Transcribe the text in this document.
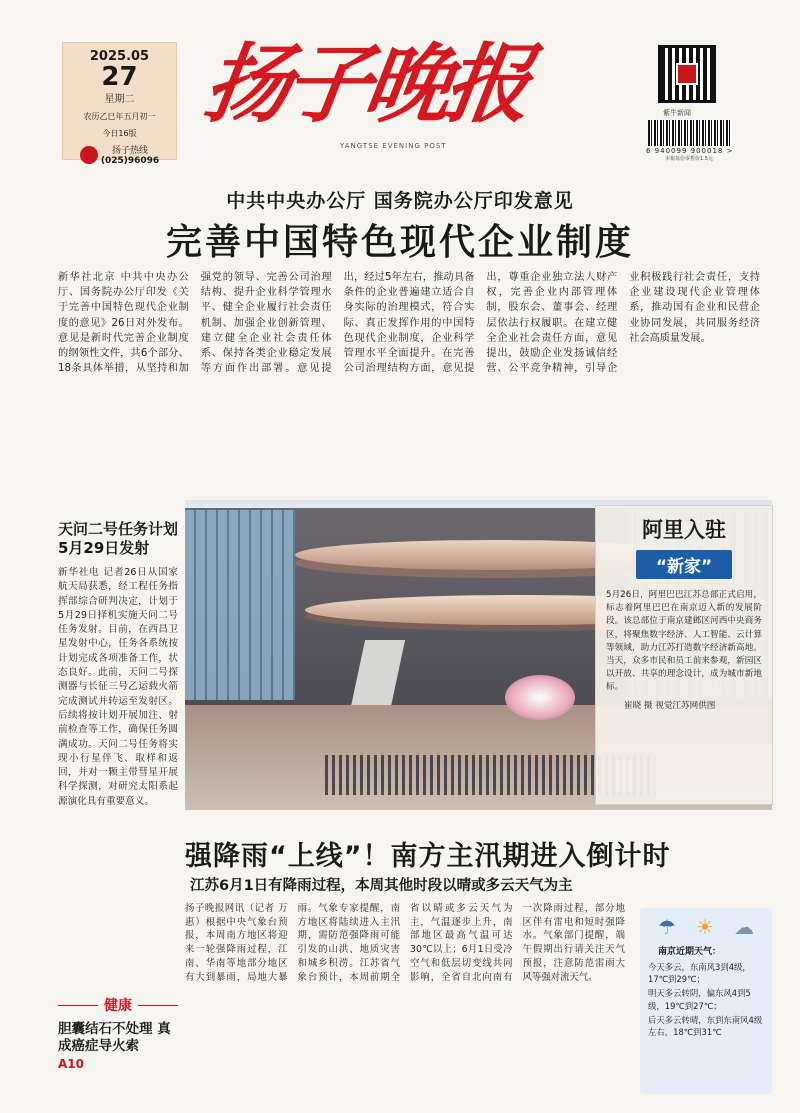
2025.05
27
星期二
农历乙巳年五月初一
今日16版
扬子热线
(025)96096
扬子晚报
YANGTSE EVENING POST
紫牛新闻
6 940099 900018 >
本報每份零售价1.5元
中共中央办公厅 国务院办公厅印发意见
完善中国特色现代企业制度
新华社北京 中共中央办公厅、国务院办公厅印发《关于完善中国特色现代企业制度的意见》26日对外发布。意见是新时代完善企业制度的纲领性文件，共6个部分、18条具体举措，从坚持和加强党的领导、完善公司治理结构、提升企业科学管理水平、健全企业履行社会责任机制、加强企业创新管理、建立健全企业社会责任体系、保持各类企业稳定发展等方面作出部署。意见提出，经过5年左右，推动具备条件的企业普遍建立适合自身实际的治理模式，符合实际、真正发挥作用的中国特色现代企业制度，企业科学管理水平全面提升。在完善公司治理结构方面，意见提出，尊重企业独立法人财产权，完善企业内部管理体制，股东会、董事会、经理层依法行权履职。在建立健全企业社会责任方面，意见提出，鼓励企业发扬诚信经营、公平竞争精神，引导企业积极践行社会责任，支持企业建设现代企业管理体系，推动国有企业和民营企业协同发展，共同服务经济社会高质量发展。
天问二号任务计划5月29日发射

新华社电 记者26日从国家航天局获悉，经工程任务指挥部综合研判决定，计划于5月29日择机实施天问二号任务发射。目前，在西昌卫星发射中心，任务各系统按计划完成各项准备工作，状态良好。此前，天问二号探测器与长征三号乙运载火箭完成测试并转运至发射区。后续将按计划开展加注、射前检查等工作，确保任务圆满成功。天问二号任务将实现小行星伴飞、取样和返回，并对一颗主带彗星开展科学探测，对研究太阳系起源演化具有重要意义。

健康
胆囊结石不处理 真成癌症导火索
A10
阿里入驻
“新家”

5月26日，阿里巴巴江苏总部正式启用，标志着阿里巴巴在南京迈入新的发展阶段。该总部位于南京建邺区河西中央商务区，将聚焦数字经济、人工智能、云计算等领域，助力江苏打造数字经济新高地。当天，众多市民和员工前来参观，新园区以开放、共享的理念设计，成为城市新地标。

崔晓 摄 视觉江苏网供图
强降雨“上线”！南方主汛期进入倒计时
江苏6月1日有降雨过程，本周其他时段以晴或多云天气为主
扬子晚报网讯（记者 万惠）根据中央气象台预报，本周南方地区将迎来一轮强降雨过程，江南、华南等地部分地区有大到暴雨，局地大暴雨。气象专家提醒，南方地区将陆续进入主汛期，需防范强降雨可能引发的山洪、地质灾害和城乡积涝。江苏省气象台预计，本周前期全省以晴或多云天气为主，气温逐步上升，南部地区最高气温可达30℃以上；6月1日受冷空气和低层切变线共同影响，全省自北向南有一次降雨过程，部分地区伴有雷电和短时强降水。气象部门提醒，端午假期出行请关注天气预报，注意防范雷雨大风等强对流天气。
☂ ☀ ☁
南京近期天气：

今天多云，东南风3到4级，17℃到29℃；

明天多云转阴，偏东风4到5级，19℃到27℃；

后天多云转晴，东到东南风4级左右，18℃到31℃
